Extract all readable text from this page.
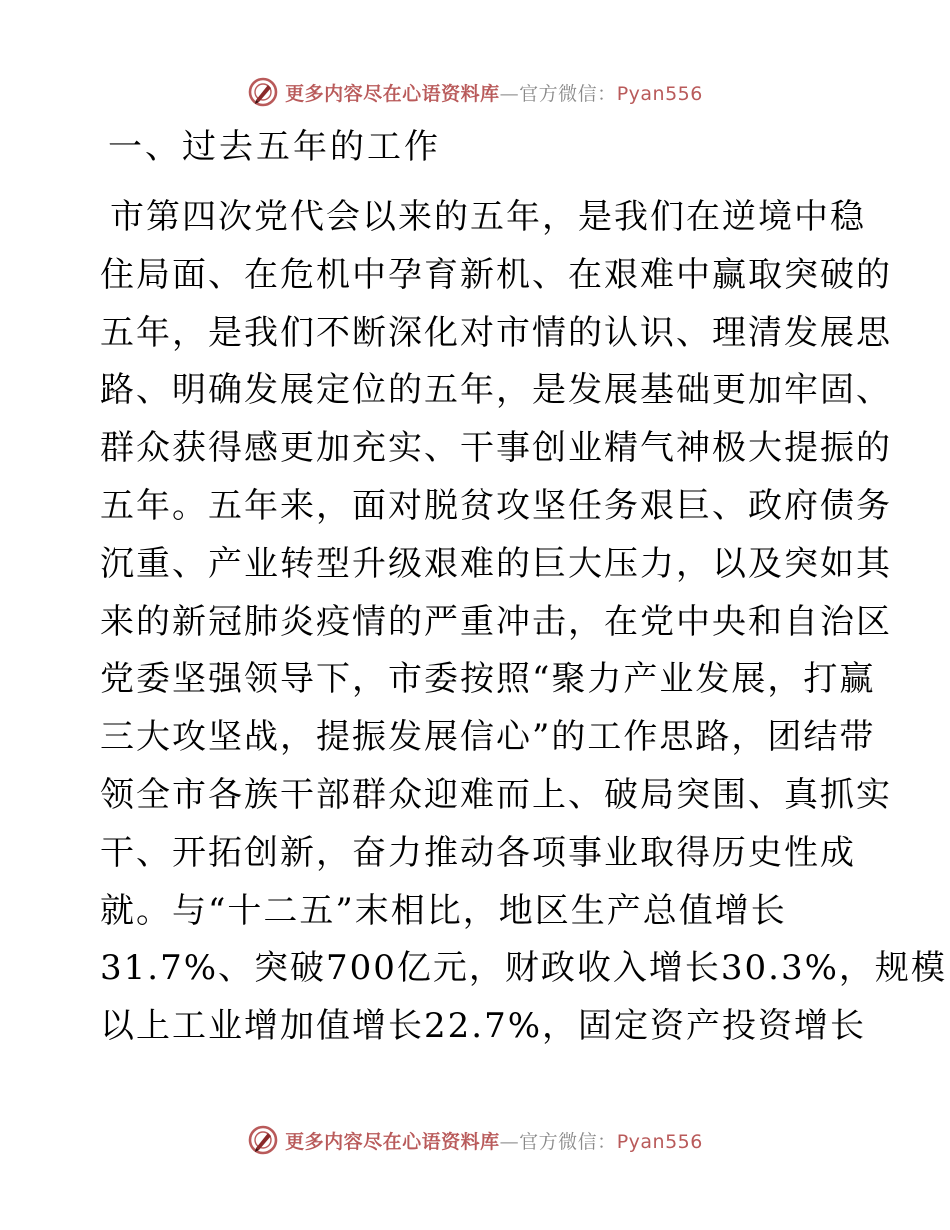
更多内容尽在心语资料库—官方微信：Pyan556
一、过去五年的工作
市第四次党代会以来的五年，是我们在逆境中稳
住局面、在危机中孕育新机、在艰难中赢取突破的
五年，是我们不断深化对市情的认识、理清发展思
路、明确发展定位的五年，是发展基础更加牢固、
群众获得感更加充实、干事创业精气神极大提振的
五年。五年来，面对脱贫攻坚任务艰巨、政府债务
沉重、产业转型升级艰难的巨大压力，以及突如其
来的新冠肺炎疫情的严重冲击，在党中央和自治区
党委坚强领导下，市委按照“聚力产业发展，打赢
三大攻坚战，提振发展信心”的工作思路，团结带
领全市各族干部群众迎难而上、破局突围、真抓实
干、开拓创新，奋力推动各项事业取得历史性成
就。与“十二五”末相比，地区生产总值增长
31.7%、突破700亿元，财政收入增长30.3%，规模
以上工业增加值增长22.7%，固定资产投资增长
更多内容尽在心语资料库—官方微信：Pyan556
